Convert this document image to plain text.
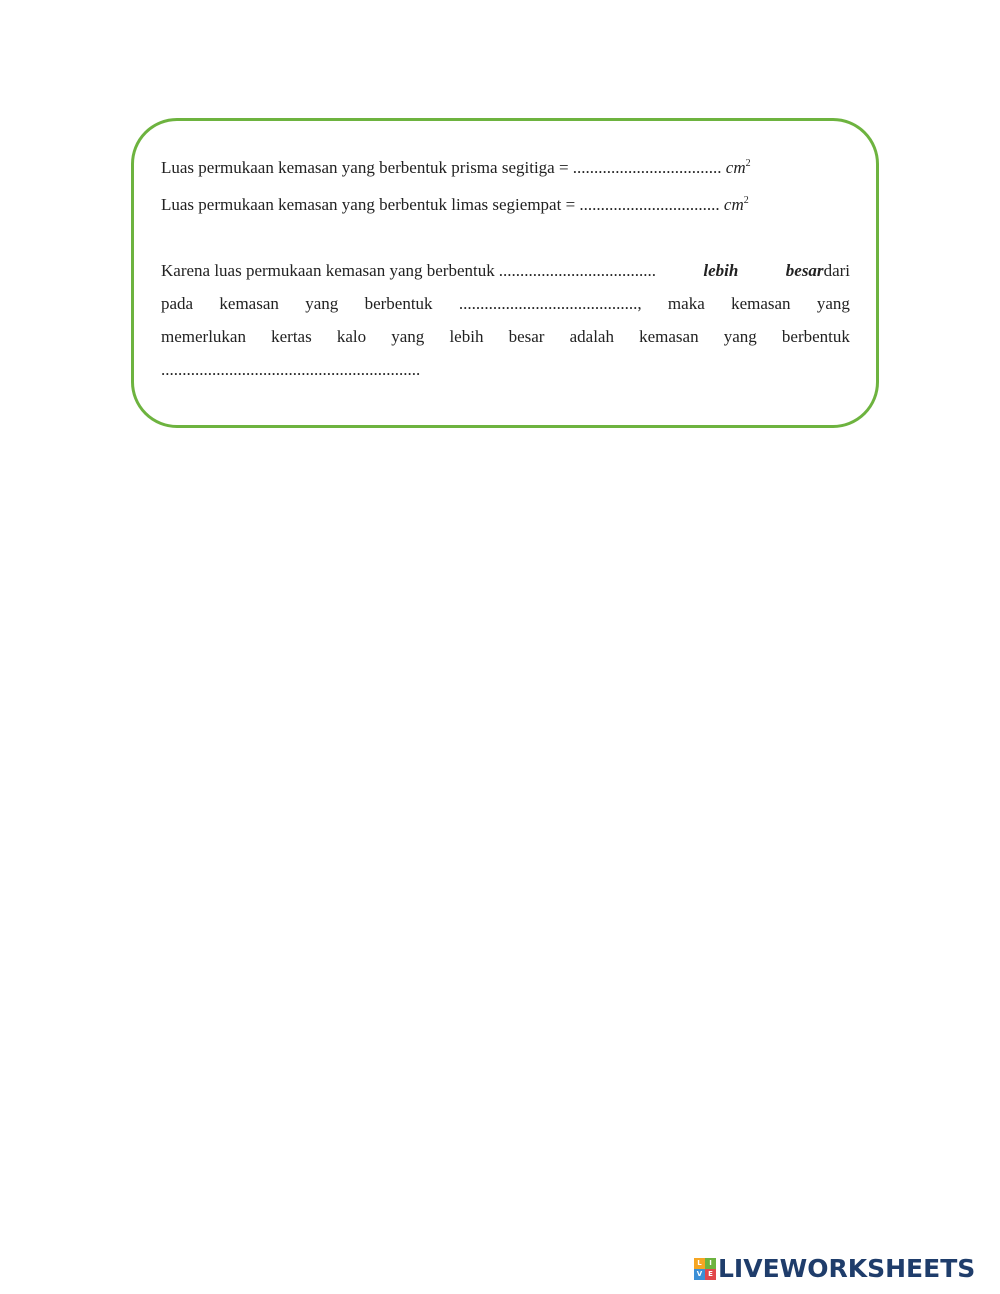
Luas permukaan kemasan yang berbentuk prisma segitiga = ................................... $cm^2$
Luas permukaan kemasan yang berbentuk limas segiempat = ................................. $cm^2$
Karena luas permukaan kemasan yang berbentuk .....................................	lebih besar dari
pada kemasan yang berbentuk .........................................., maka kemasan yang
memerlukan kertas kalo yang lebih besar adalah kemasan yang berbentuk
.............................................................
L	I
V E LIVEWORKSHEETS
